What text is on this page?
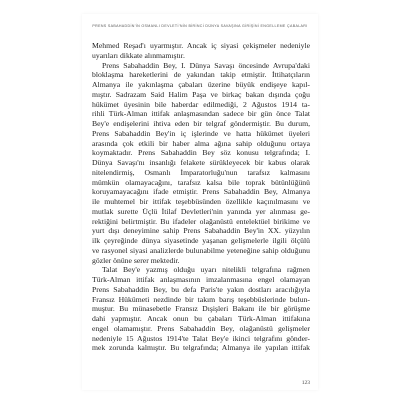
PRENS SABAHADDİN'İN OSMANLI DEVLETİ'NİN BİRİNCİ DÜNYA SAVAŞINA GİRİŞİNİ ENGELLEME ÇABALARI

Mehmed Reşad'ı uyarmıştır. Ancak iç siyasi çekişmeler nedeniyle
uyarıları dikkate alınmamıştır.

Prens Sabahaddin Bey, I. Dünya Savaşı öncesinde Avrupa'daki
bloklaşma hareketlerini de yakından takip etmiştir. İttihatçıların
Almanya ile yakınlaşma çabaları üzerine büyük endişeye kapıl-
mıştır. Sadrazam Said Halim Paşa ve birkaç bakan dışında çoğu
hükümet üyesinin bile haberdar edilmediği, 2 Ağustos 1914 ta-
rihli Türk-Alman ittifak anlaşmasından sadece bir gün önce Talat
Bey'e endişelerini ihtiva eden bir telgraf göndermiştir. Bu durum,
Prens Sabahaddin Bey'in iç işlerinde ve hatta hükümet üyeleri
arasında çok etkili bir haber alma ağına sahip olduğunu ortaya
koymaktadır. Prens Sabahaddin Bey söz konusu telgrafında; I.
Dünya Savaşı'nı insanlığı felakete sürükleyecek bir kabus olarak
nitelendirmiş, Osmanlı İmparatorluğu'nun tarafsız kalmasını
mümkün olamayacağını, tarafsız kalsa bile toprak bütünlüğünü
koruyamayacağını ifade etmiştir. Prens Sabahaddin Bey, Almanya
ile muhtemel bir ittifak teşebbüsünden özellikle kaçınılmasını ve
mutlak surette Üçlü İtilaf Devletleri'nin yanında yer alınması ge-
rektiğini belirtmiştir. Bu ifadeler olağanüstü entelektüel birikime ve
yurt dışı deneyimine sahip Prens Sabahaddin Bey'in XX. yüzyılın
ilk çeyreğinde dünya siyasetinde yaşanan gelişmelerle ilgili ölçülü
ve rasyonel siyasi analizlerde bulunabilme yeteneğine sahip olduğunu
gözler önüne serer mektedir.

Talat Bey'e yazmış olduğu uyarı nitelikli telgrafına rağmen
Türk-Alman ittifak anlaşmasının imzalanmasına engel olamayan
Prens Sabahaddin Bey, bu defa Paris'te yakın dostları aracılığıyla
Fransız Hükümeti nezdinde bir takım barış teşebbüslerinde bulun-
muştur. Bu münasebetle Fransız Dışişleri Bakanı ile bir görüşme
dahi yapmıştır. Ancak onun bu çabaları Türk-Alman ittifakına
engel olamamıştır. Prens Sabahaddin Bey, olağanüstü gelişmeler
nedeniyle 15 Ağustos 1914'te Talat Bey'e ikinci telgrafını gönder-
mek zorunda kalmıştır. Bu telgrafında; Almanya ile yapılan ittifak

123
